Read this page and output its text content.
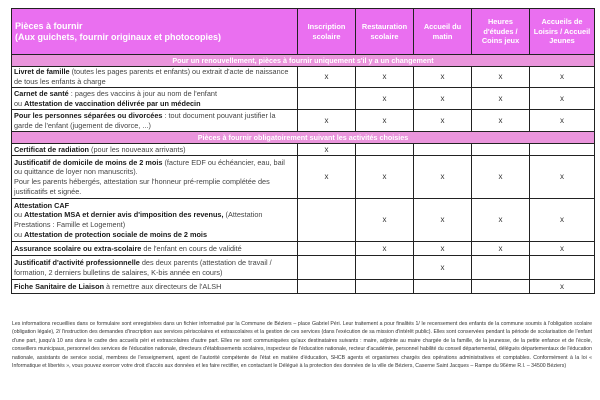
Pièces à fournir
(Aux guichets, fournir originaux et photocopies)	Inscription scolaire	Restauration scolaire	Accueil du matin	Heures d'études / Coins jeux	Accueils de Loisirs / Accueil Jeunes
Pour un renouvellement, pièces à fournir uniquement s'il y a un changement					
Livret de famille (toutes les pages parents et enfants) ou extrait d'acte de naissance de tous les enfants à charge	x	x	x	x	x

Carnet de santé : pages des vaccins à jour au nom de l'enfant
ou Attestation de vaccination délivrée par un médecin		x	x	x	x
Pour les personnes séparées ou divorcées : tout document pouvant justifier la garde de l'enfant (jugement de divorce, ...)	x	x	x	x	x
Pièces à fournir obligatoirement suivant les activités choisies					
Certificat de radiation (pour les nouveaux arrivants)	x				

Justificatif de domicile de moins de 2 mois (facture EDF ou échéancier, eau, bail ou quittance de loyer non manuscrits).
Pour les parents hébergés, attestation sur l'honneur pré-remplie complétée des justificatifs et signée.	x	x	x	x	x

Attestation CAF
ou Attestation MSA et dernier avis d'imposition des revenus, (Attestation Prestations : Famille et Logement)
ou Attestation de protection sociale de moins de 2 mois		x	x	x	x
Assurance scolaire ou extra-scolaire de l'enfant en cours de validité		x	x	x	x
Justificatif d'activité professionnelle des deux parents (attestation de travail / formation, 2 derniers bulletins de salaires, K-bis année en cours)			x		
Fiche Sanitaire de Liaison à remettre aux directeurs de l'ALSH					x
Les informations recueillies dans ce formulaire sont enregistrées dans un fichier informatisé par la Commune de Béziers – place Gabriel Péri. Leur traitement a pour finalités 1/ le recensement des enfants de la commune soumis à l'obligation scolaire (obligation légale), 2/ l'instruction des demandes d'inscription aux services périscolaires et extrascolaires et la gestion de ces services (dans l'exécution de sa mission d'intérêt public). Elles sont conservées pendant la période de scolarisation de l'enfant d'une part, jusqu'à 10 ans dans le cadre des accueils péri et extrascolaires d'autre part. Elles ne sont communiquées qu'aux destinataires suivants : maire, adjointe au maire chargée de la famille, de la jeunesse, de la petite enfance et de l'école, conseillers municipaux, personnel des services de l'éducation nationale, directeurs d'établissements scolaires, inspecteur de l'éducation nationale, recteur d'académie, personnel habilité du conseil départemental, délégués départementaux de l'éducation nationale, assistants de service social, membres de l'enseignement, agent de l'autorité compétente de l'état en matière d'éducation, SHCB agents et organismes chargés des opérations administratives et comptables. Conformément à la loi « Informatique et libertés », vous pouvez exercer votre droit d'accès aux données et les faire rectifier, en contactant le Délégué à la protection des données de la ville de Béziers, Caserne Saint Jacques – Rampe du 96ème R.I. – 34500 Béziers)
